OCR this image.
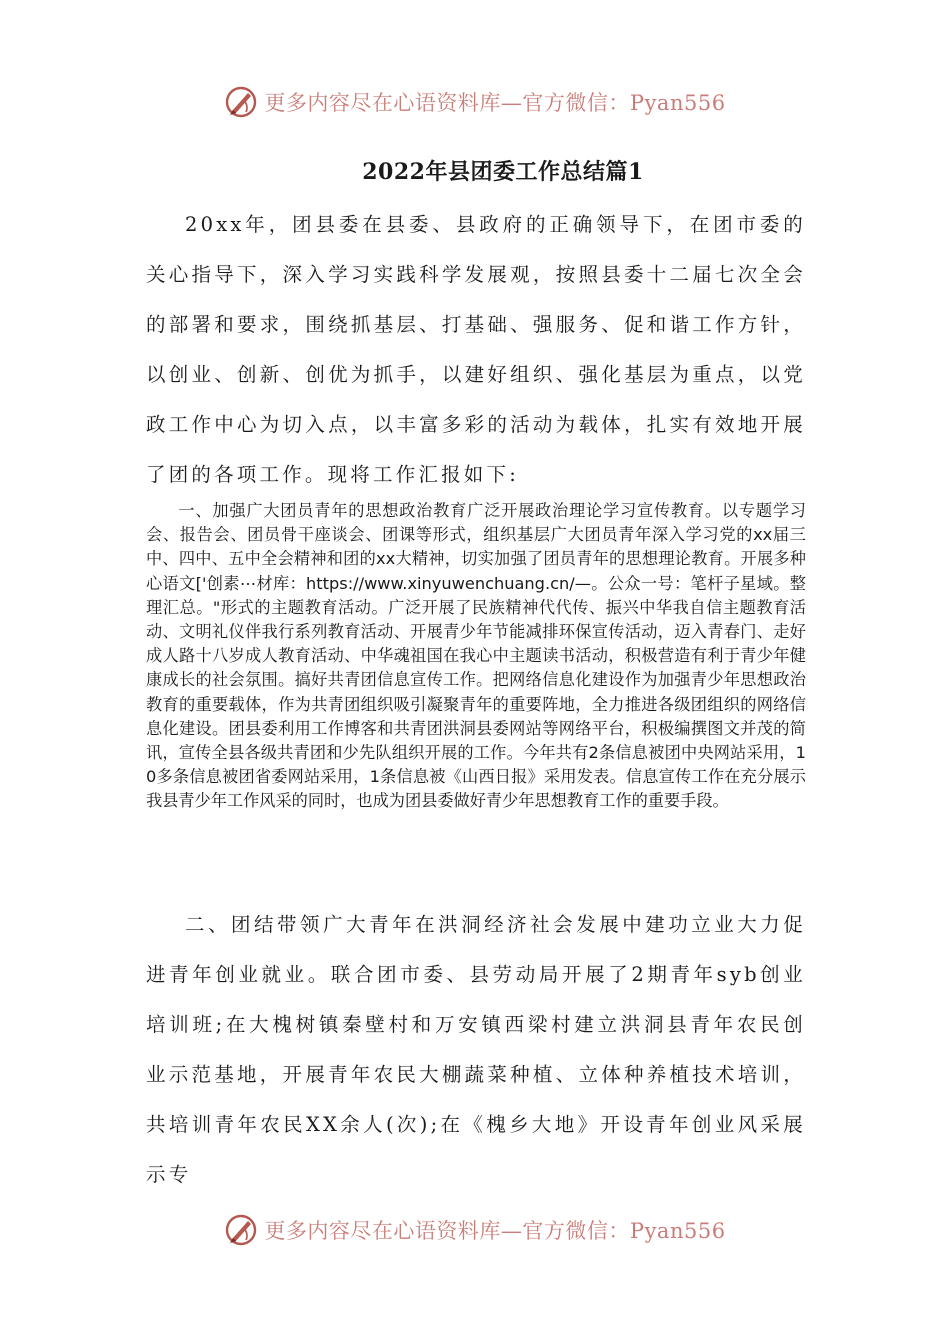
更多内容尽在心语资料库—官方微信：Pyan556
2022年县团委工作总结篇1

20xx年，团县委在县委、县政府的正确领导下，在团市委的关心指导下，深入学习实践科学发展观，按照县委十二届七次全会的部署和要求，围绕抓基层、打基础、强服务、促和谐工作方针，以创业、创新、创优为抓手，以建好组织、强化基层为重点，以党政工作中心为切入点，以丰富多彩的活动为载体，扎实有效地开展了团的各项工作。现将工作汇报如下:

一、加强广大团员青年的思想政治教育广泛开展政治理论学习宣传教育。以专题学习会、报告会、团员骨干座谈会、团课等形式，组织基层广大团员青年深入学习党的xx届三中、四中、五中全会精神和团的xx大精神，切实加强了团员青年的思想理论教育。开展多种心语文['创素⋯材库：https://www.xinyuwenchuang.cn/—。公众一号：笔杆子星域。整理汇总。"形式的主题教育活动。广泛开展了民族精神代代传、振兴中华我自信主题教育活动、文明礼仪伴我行系列教育活动、开展青少年节能减排环保宣传活动，迈入青春门、走好成人路十八岁成人教育活动、中华魂祖国在我心中主题读书活动，积极营造有利于青少年健康成长的社会氛围。搞好共青团信息宣传工作。把网络信息化建设作为加强青少年思想政治教育的重要载体，作为共青团组织吸引凝聚青年的重要阵地，全力推进各级团组织的网络信息化建设。团县委利用工作博客和共青团洪洞县委网站等网络平台，积极编撰图文并茂的简讯，宣传全县各级共青团和少先队组织开展的工作。今年共有2条信息被团中央网站采用，10多条信息被团省委网站采用，1条信息被《山西日报》采用发表。信息宣传工作在充分展示我县青少年工作风采的同时，也成为团县委做好青少年思想教育工作的重要手段。

二、团结带领广大青年在洪洞经济社会发展中建功立业大力促进青年创业就业。联合团市委、县劳动局开展了2期青年syb创业培训班;在大槐树镇秦壁村和万安镇西梁村建立洪洞县青年农民创业示范基地，开展青年农民大棚蔬菜种植、立体种养植技术培训，共培训青年农民XX余人(次);在《槐乡大地》开设青年创业风采展示专

更多内容尽在心语资料库—官方微信：Pyan556
